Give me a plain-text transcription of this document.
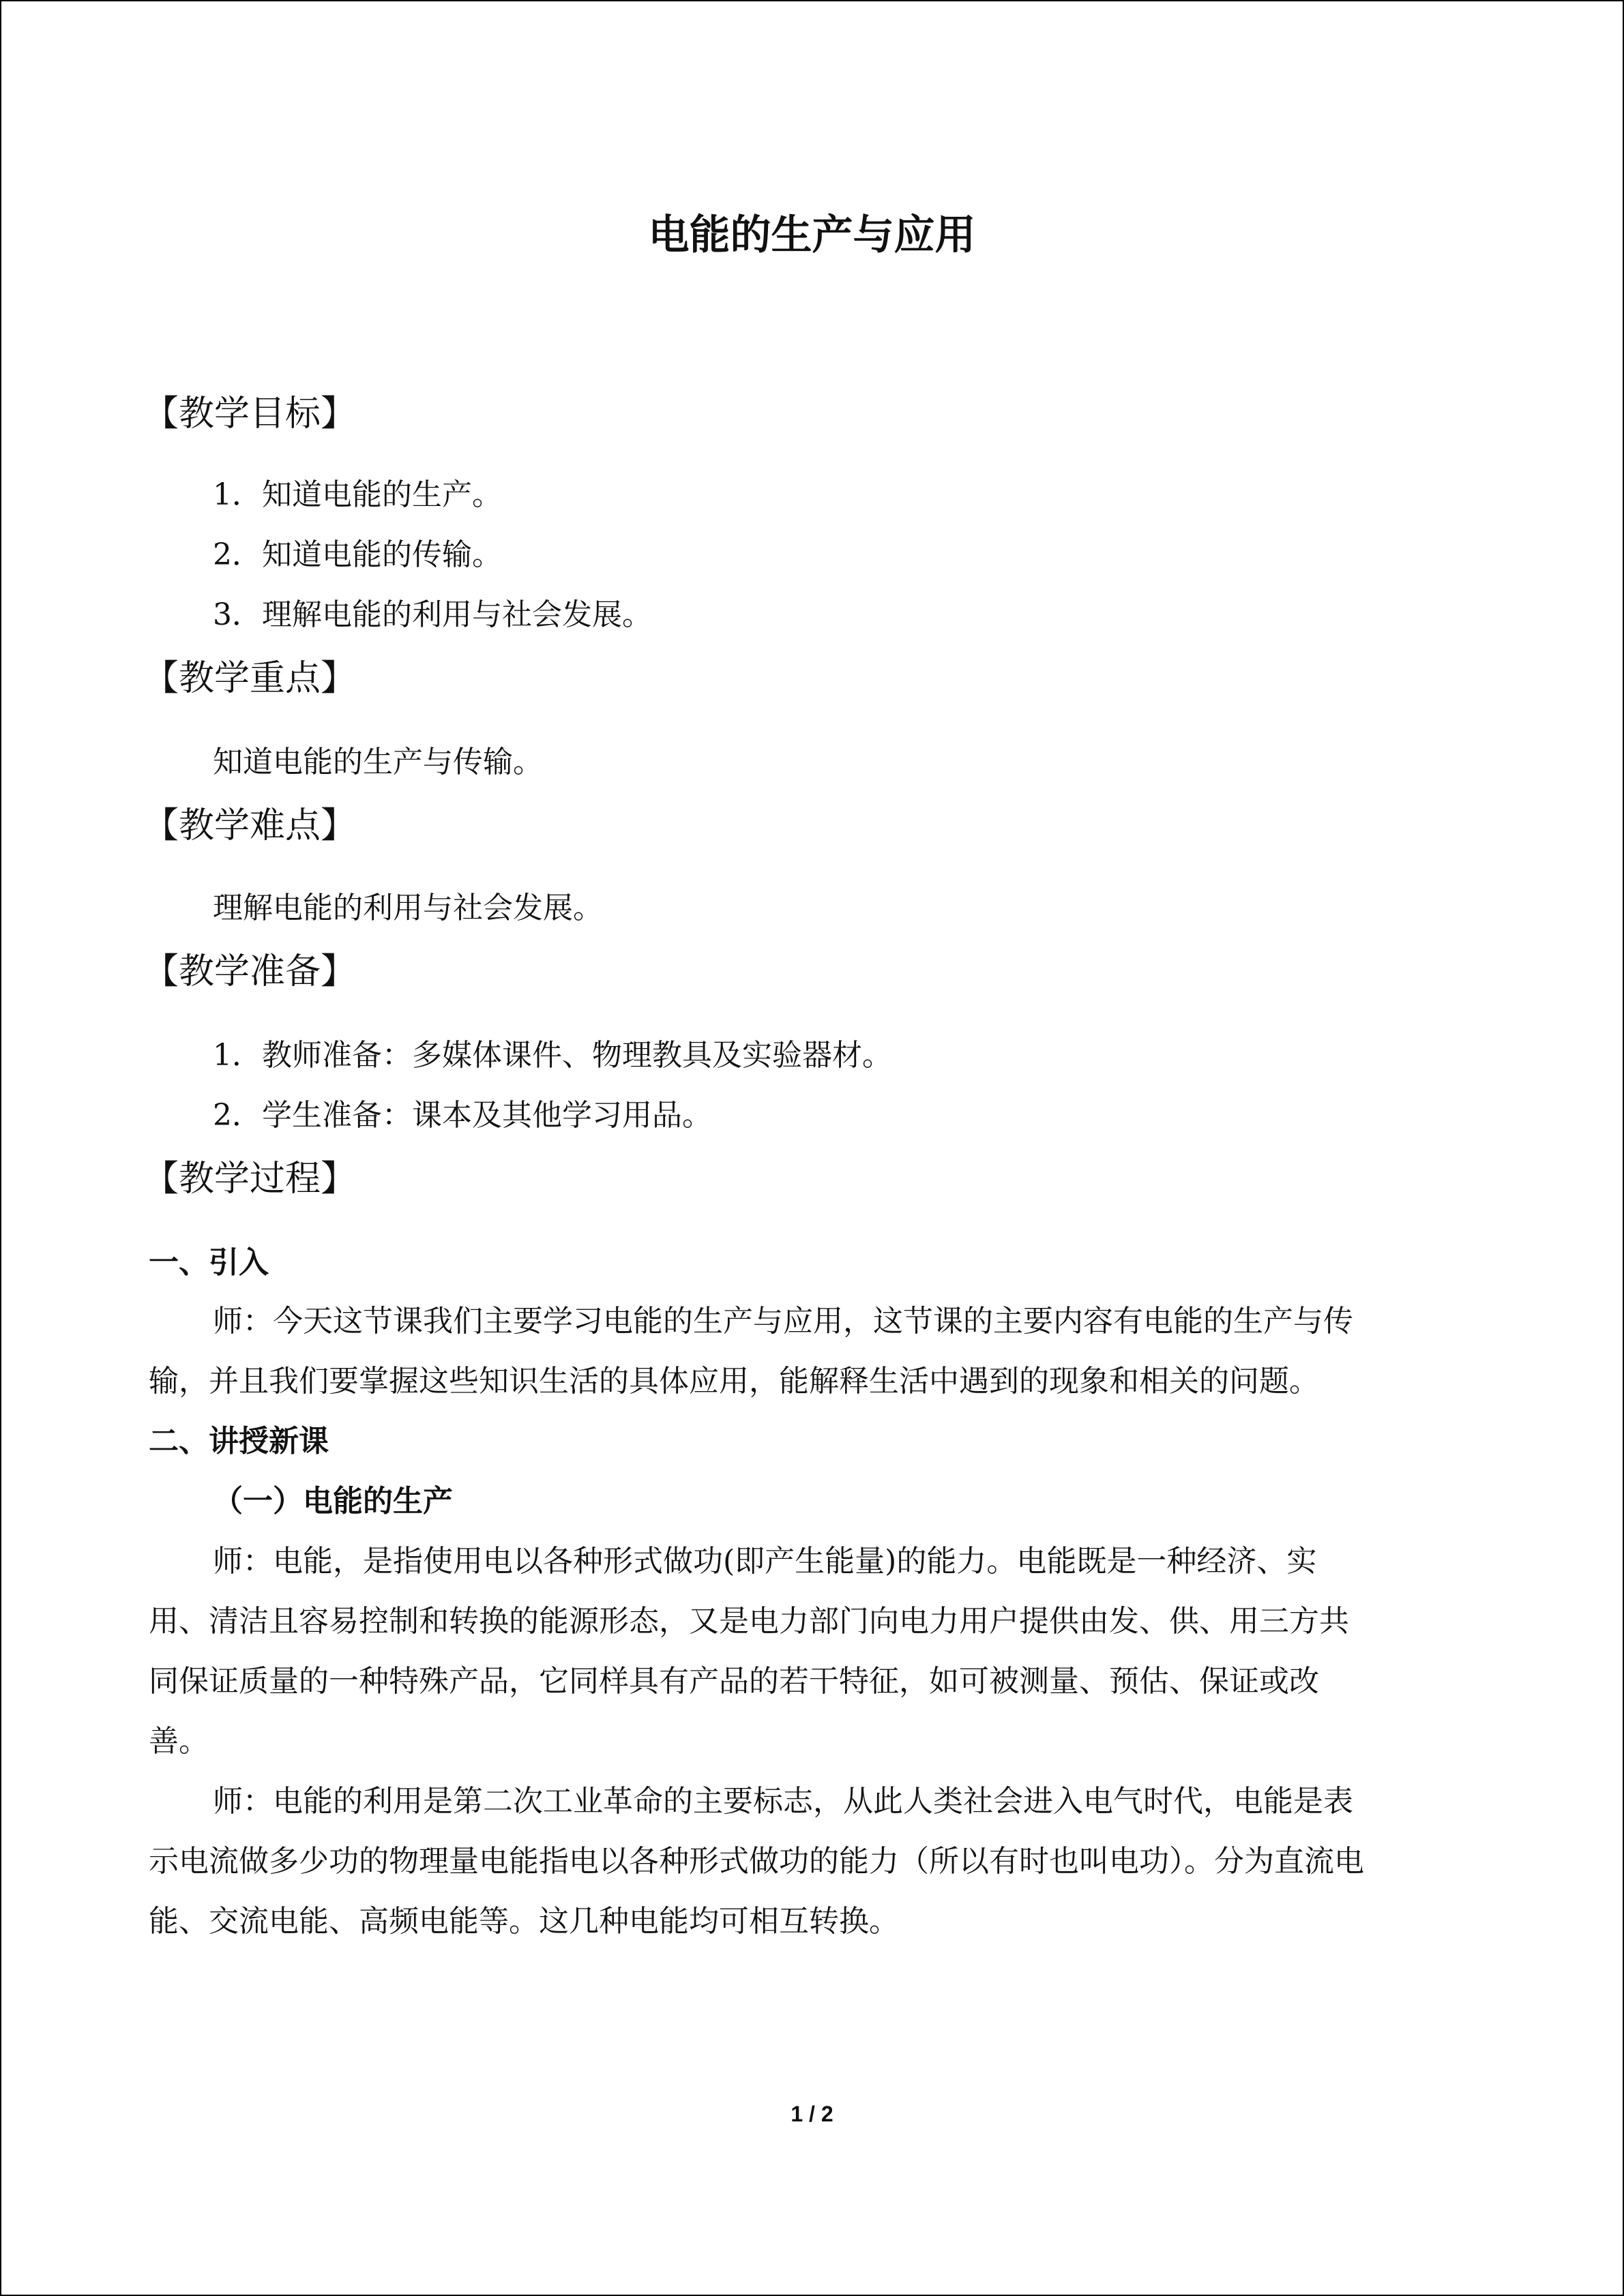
电能的生产与应用
【教学目标】
1．知道电能的生产。
2．知道电能的传输。
3．理解电能的利用与社会发展。
【教学重点】
知道电能的生产与传输。
【教学难点】
理解电能的利用与社会发展。
【教学准备】
1．教师准备：多媒体课件、物理教具及实验器材。
2．学生准备：课本及其他学习用品。
【教学过程】
一、引入
师：今天这节课我们主要学习电能的生产与应用，这节课的主要内容有电能的生产与传
输，并且我们要掌握这些知识生活的具体应用，能解释生活中遇到的现象和相关的问题。
二、讲授新课
（一）电能的生产
师：电能，是指使用电以各种形式做功(即产生能量)的能力。电能既是一种经济、实
用、清洁且容易控制和转换的能源形态，又是电力部门向电力用户提供由发、供、用三方共
同保证质量的一种特殊产品，它同样具有产品的若干特征，如可被测量、预估、保证或改
善。
师：电能的利用是第二次工业革命的主要标志，从此人类社会进入电气时代，电能是表
示电流做多少功的物理量电能指电以各种形式做功的能力（所以有时也叫电功）。分为直流电
能、交流电能、高频电能等。这几种电能均可相互转换。
1 / 2
